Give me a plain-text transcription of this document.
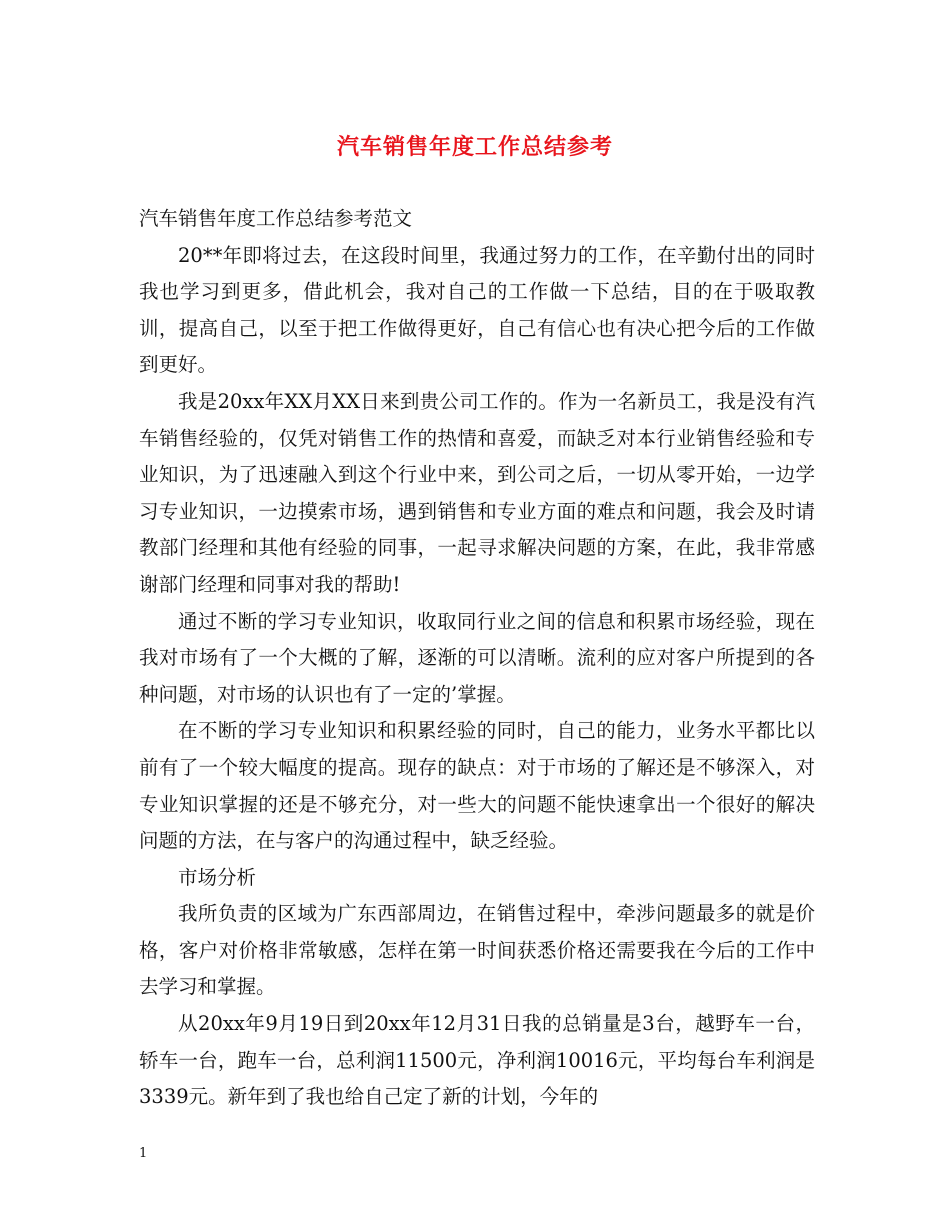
汽车销售年度工作总结参考

汽车销售年度工作总结参考范文

20**年即将过去，在这段时间里，我通过努力的工作，在辛勤付出的同时我也学习到更多，借此机会，我对自己的工作做一下总结，目的在于吸取教训，提高自己，以至于把工作做得更好，自己有信心也有决心把今后的工作做到更好。

我是20xx年XX月XX日来到贵公司工作的。作为一名新员工，我是没有汽车销售经验的，仅凭对销售工作的热情和喜爱，而缺乏对本行业销售经验和专业知识，为了迅速融入到这个行业中来，到公司之后，一切从零开始，一边学习专业知识，一边摸索市场，遇到销售和专业方面的难点和问题，我会及时请教部门经理和其他有经验的同事，一起寻求解决问题的方案，在此，我非常感谢部门经理和同事对我的帮助!

通过不断的学习专业知识，收取同行业之间的信息和积累市场经验，现在我对市场有了一个大概的了解，逐渐的可以清晰。流利的应对客户所提到的各种问题，对市场的认识也有了一定的’掌握。

在不断的学习专业知识和积累经验的同时，自己的能力，业务水平都比以前有了一个较大幅度的提高。现存的缺点：对于市场的了解还是不够深入，对专业知识掌握的还是不够充分，对一些大的问题不能快速拿出一个很好的解决问题的方法，在与客户的沟通过程中，缺乏经验。

市场分析

我所负责的区域为广东西部周边，在销售过程中，牵涉问题最多的就是价格，客户对价格非常敏感，怎样在第一时间获悉价格还需要我在今后的工作中去学习和掌握。

从20xx年9月19日到20xx年12月31日我的总销量是3台，越野车一台，轿车一台，跑车一台，总利润11500元，净利润10016元，平均每台车利润是3339元。新年到了我也给自己定了新的计划，今年的

1
